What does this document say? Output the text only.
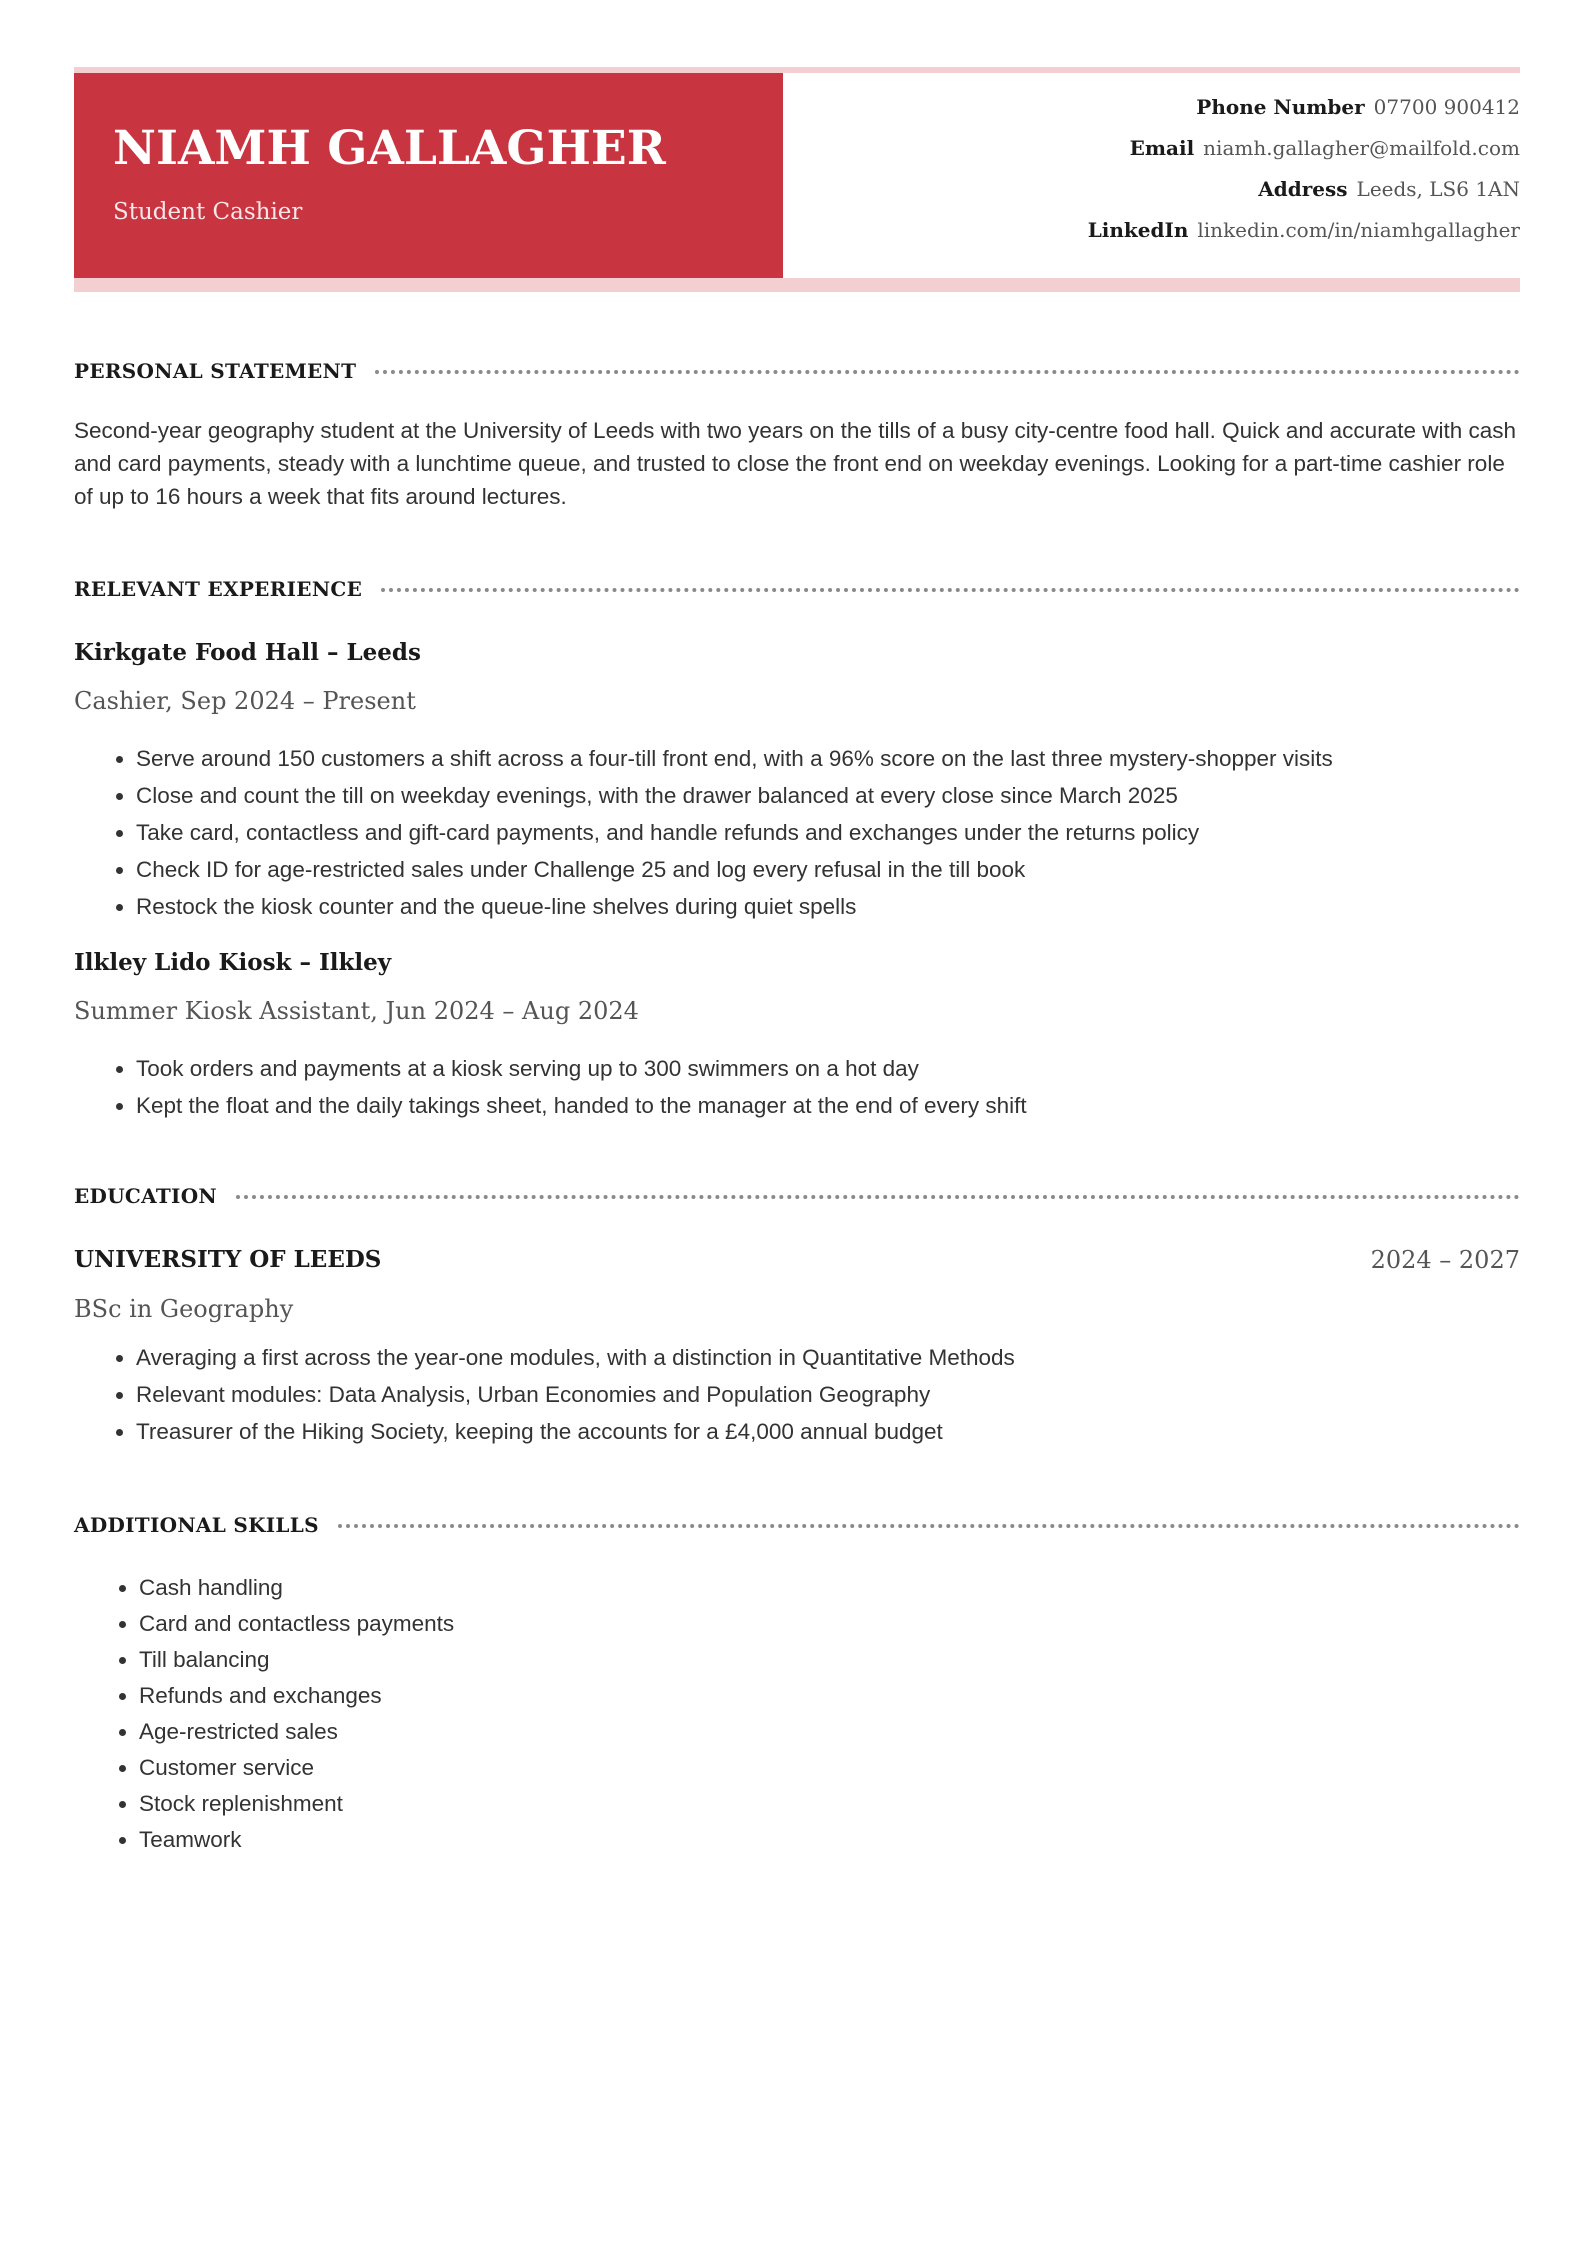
NIAMH GALLAGHER
Student Cashier
Phone Number 07700 900412
Email niamh.gallagher@mailfold.com
Address Leeds, LS6 1AN
LinkedIn linkedin.com/in/niamhgallagher
PERSONAL STATEMENT

Second-year geography student at the University of Leeds with two years on the tills of a busy city-centre food hall. Quick and accurate with cash and card payments, steady with a lunchtime queue, and trusted to close the front end on weekday evenings. Looking for a part-time cashier role of up to 16 hours a week that fits around lectures.

RELEVANT EXPERIENCE
Kirkgate Food Hall – Leeds
Cashier, Sep 2024 – Present
• Serve around 150 customers a shift across a four-till front end, with a 96% score on the last three mystery-shopper visits
• Close and count the till on weekday evenings, with the drawer balanced at every close since March 2025
• Take card, contactless and gift-card payments, and handle refunds and exchanges under the returns policy
• Check ID for age-restricted sales under Challenge 25 and log every refusal in the till book
• Restock the kiosk counter and the queue-line shelves during quiet spells
Ilkley Lido Kiosk – Ilkley
Summer Kiosk Assistant, Jun 2024 – Aug 2024
• Took orders and payments at a kiosk serving up to 300 swimmers on a hot day
• Kept the float and the daily takings sheet, handed to the manager at the end of every shift
EDUCATION
UNIVERSITY OF LEEDS	2024 – 2027
BSc in Geography
• Averaging a first across the year-one modules, with a distinction in Quantitative Methods
• Relevant modules: Data Analysis, Urban Economies and Population Geography
• Treasurer of the Hiking Society, keeping the accounts for a £4,000 annual budget
ADDITIONAL SKILLS
• Cash handling
• Card and contactless payments
• Till balancing
• Refunds and exchanges
• Age-restricted sales
• Customer service
• Stock replenishment
• Teamwork
